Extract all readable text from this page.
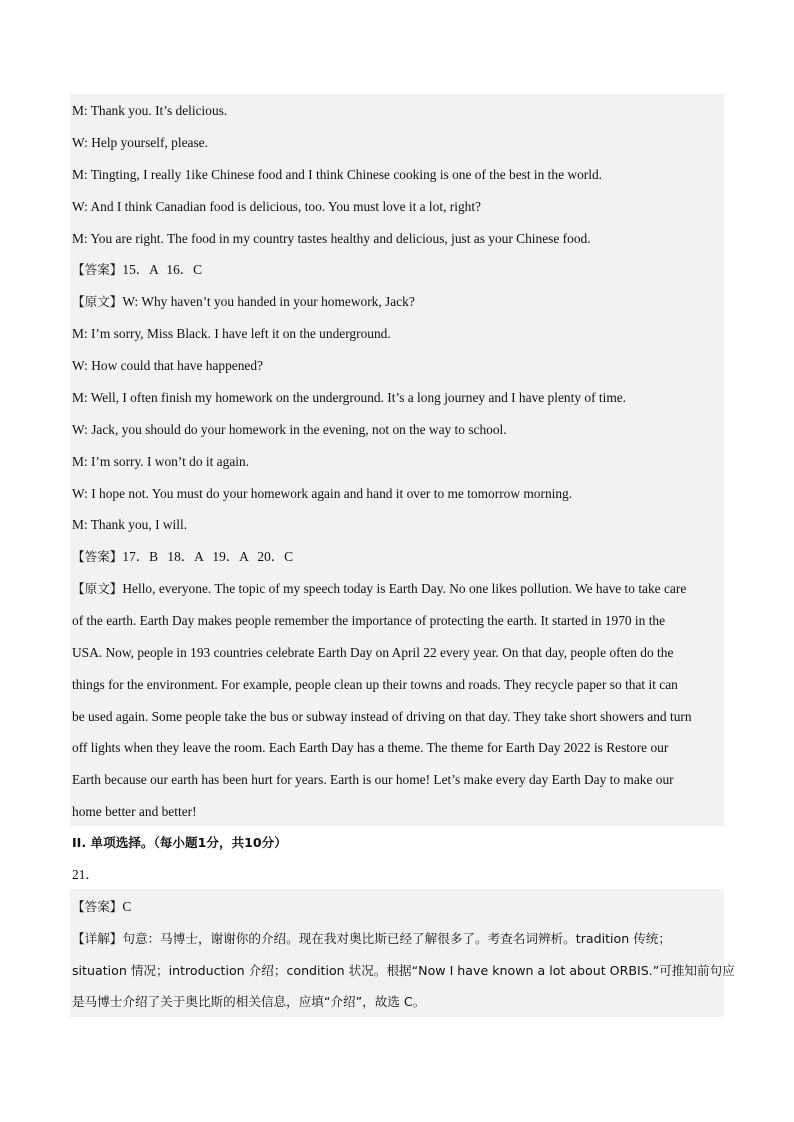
M: Thank you. It’s delicious.
W: Help yourself, please.
M: Tingting, I really 1ike Chinese food and I think Chinese cooking is one of the best in the world.
W: And I think Canadian food is delicious, too. You must love it a lot, right?
M: You are right. The food in my country tastes healthy and delicious, just as your Chinese food.
【答案】15．A 16．C
【原文】W: Why haven’t you handed in your homework, Jack?
M: I’m sorry, Miss Black. I have left it on the underground.
W: How could that have happened?
M: Well, I often finish my homework on the underground. It’s a long journey and I have plenty of time.
W: Jack, you should do your homework in the evening, not on the way to school.
M: I’m sorry. I won’t do it again.
W: I hope not. You must do your homework again and hand it over to me tomorrow morning.
M: Thank you, I will.
【答案】17．B 18．A 19．A 20．C
【原文】Hello, everyone. The topic of my speech today is Earth Day. No one likes pollution. We have to take care
of the earth. Earth Day makes people remember the importance of protecting the earth. It started in 1970 in the
USA. Now, people in 193 countries celebrate Earth Day on April 22 every year. On that day, people often do the
things for the environment. For example, people clean up their towns and roads. They recycle paper so that it can
be used again. Some people take the bus or subway instead of driving on that day. They take short showers and turn
off lights when they leave the room. Each Earth Day has a theme. The theme for Earth Day 2022 is Restore our
Earth because our earth has been hurt for years. Earth is our home! Let’s make every day Earth Day to make our
home better and better!
II. 单项选择。（每小题1分，共10分）
21．
【答案】C
【详解】句意：马博士，谢谢你的介绍。现在我对奥比斯已经了解很多了。考查名词辨析。tradition 传统；
situation 情况；introduction 介绍；condition 状况。根据“Now I have known a lot about ORBIS.”可推知前句应
是马博士介绍了关于奥比斯的相关信息，应填“介绍”，故选 C。
